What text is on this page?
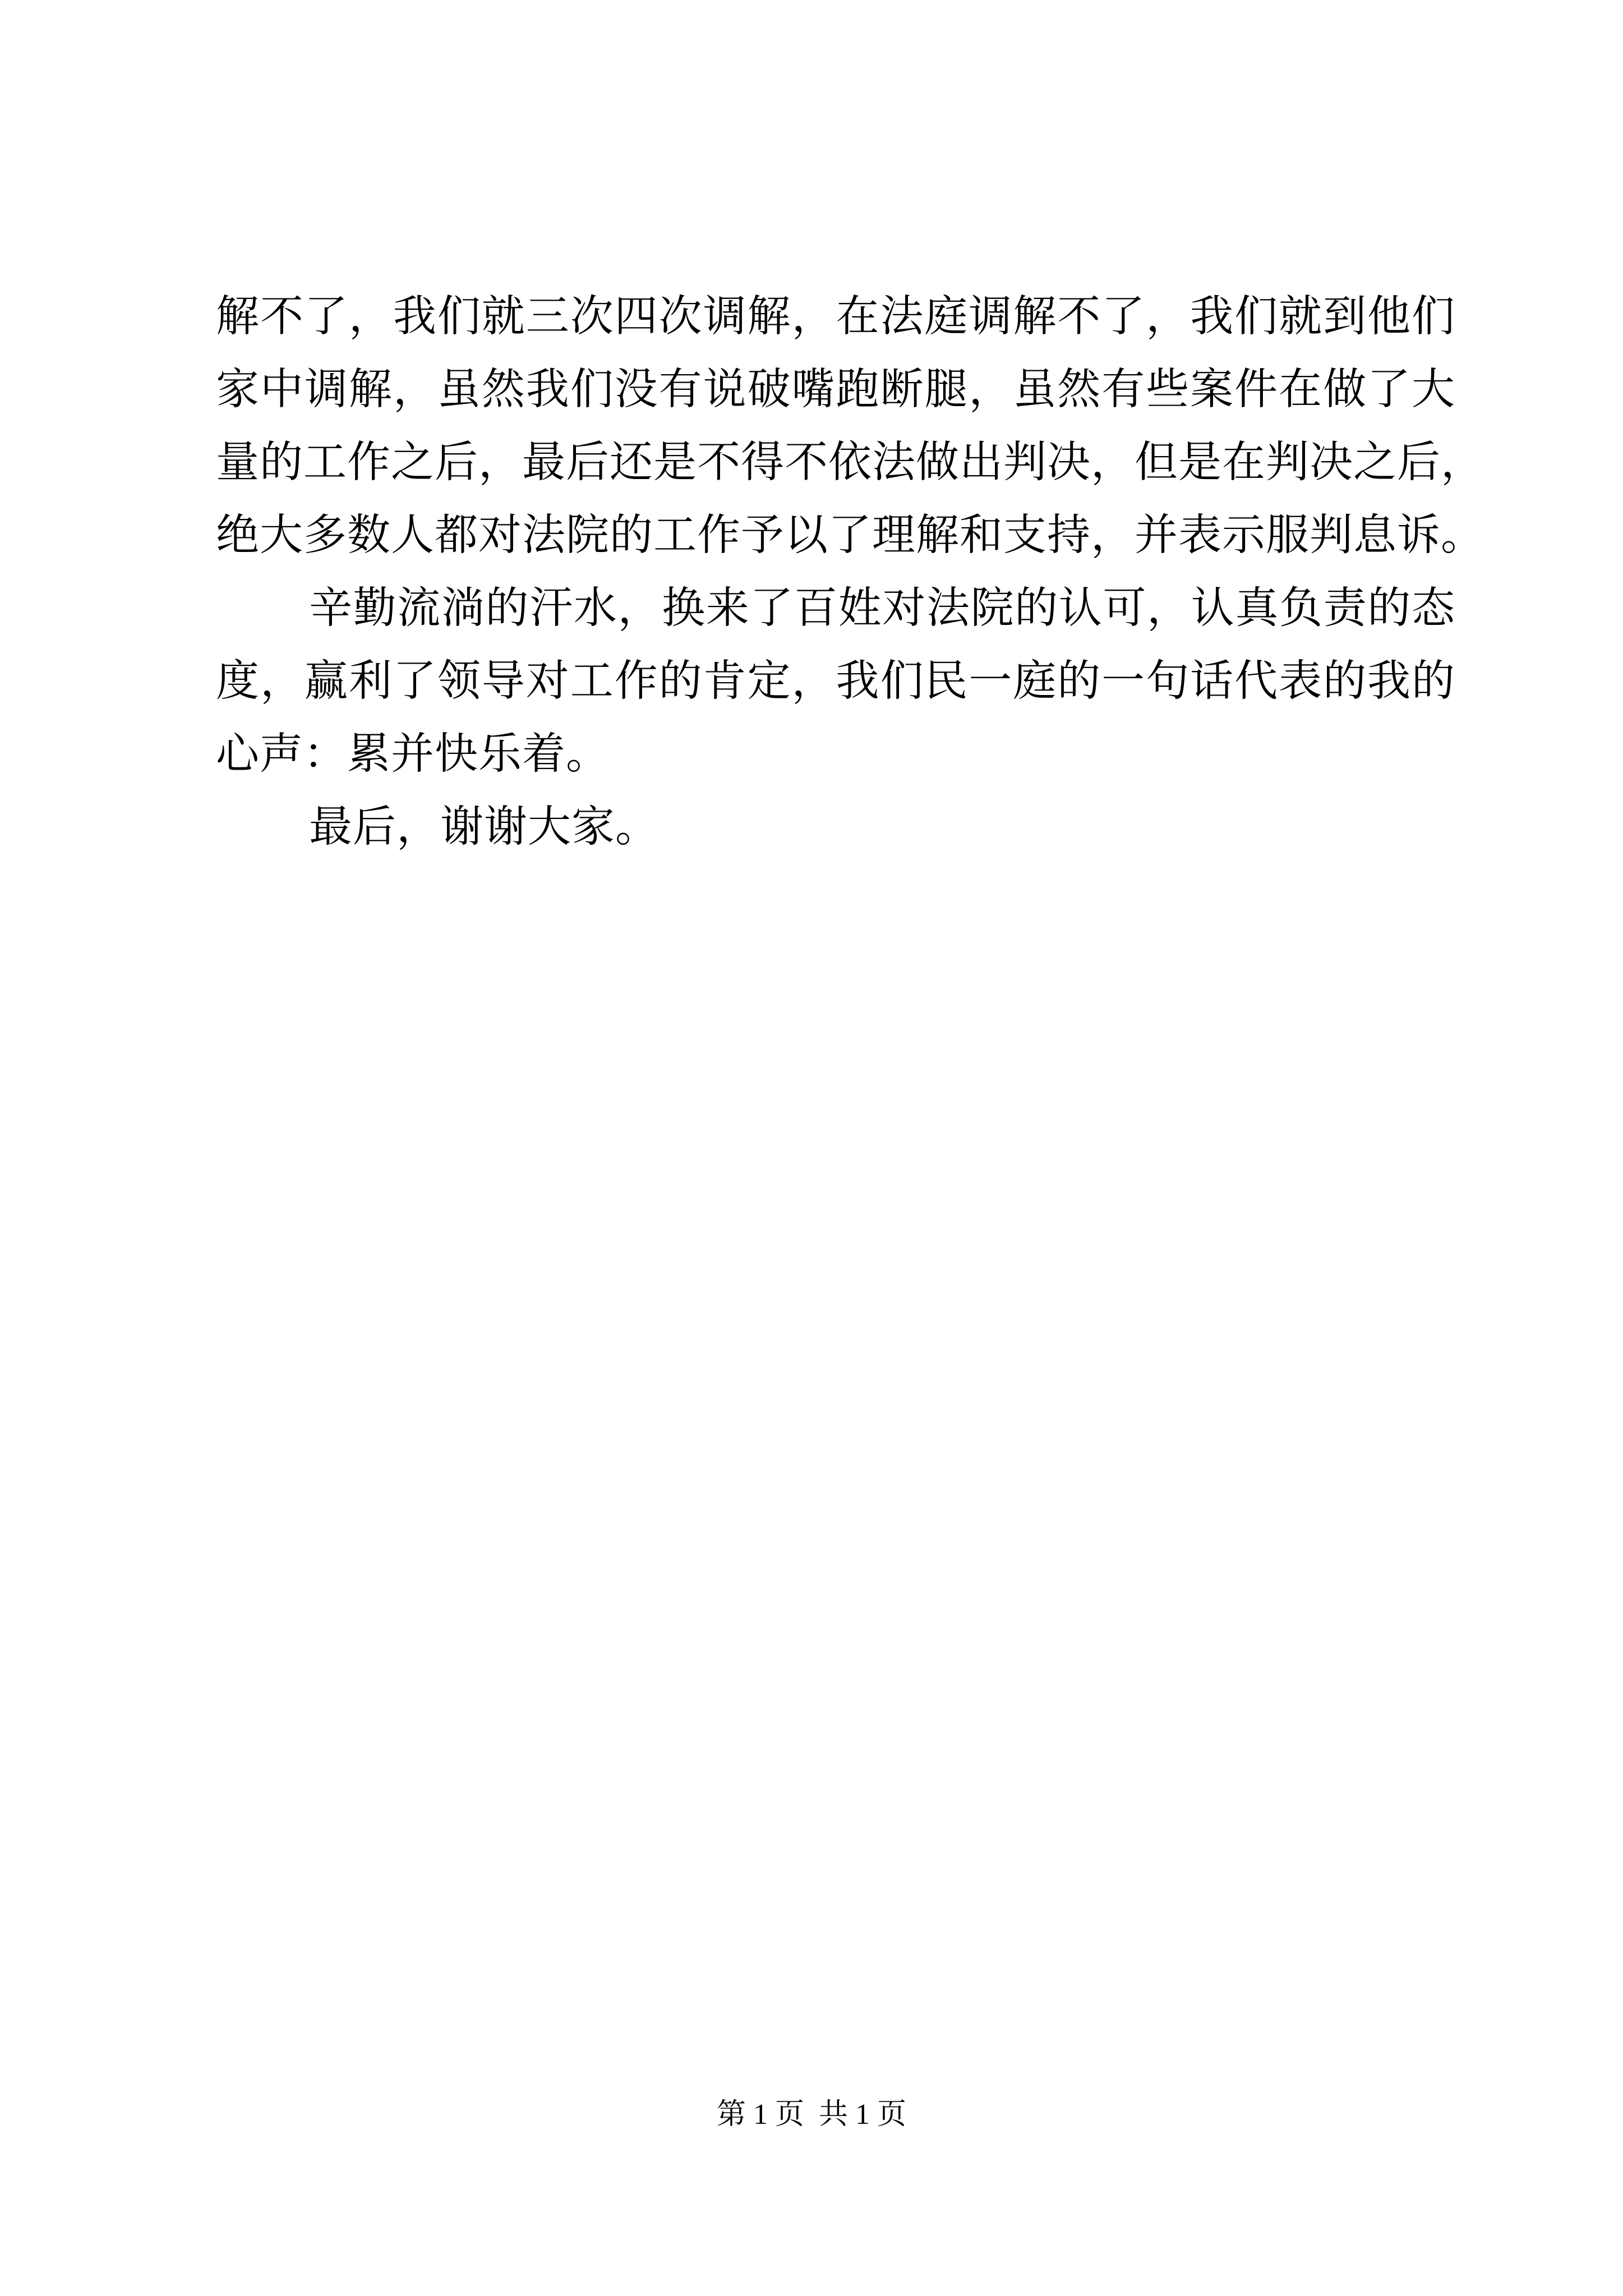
解不了，我们就三次四次调解，在法庭调解不了，我们就到他们
家中调解，虽然我们没有说破嘴跑断腿，虽然有些案件在做了大
量的工作之后，最后还是不得不依法做出判决，但是在判决之后，
绝大多数人都对法院的工作予以了理解和支持，并表示服判息诉。
辛勤流淌的汗水，换来了百姓对法院的认可，认真负责的态
度，赢利了领导对工作的肯定，我们民一庭的一句话代表的我的
心声：累并快乐着。
最后，谢谢大家。
第 1 页 共 1 页
